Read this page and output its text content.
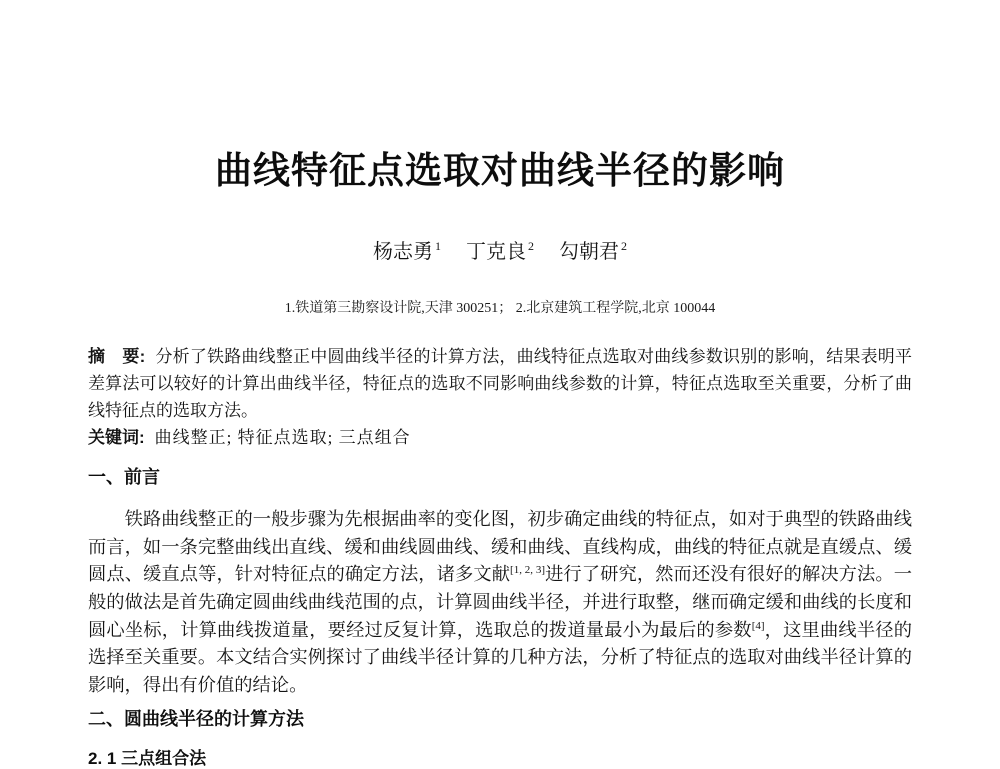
曲线特征点选取对曲线半径的影响
杨志勇 $^1$ 丁克良 $^2$ 勾朝君 $^2$
1.铁道第三勘察设计院,天津 300251； 2.北京建筑工程学院,北京 100044

摘　要: 分析了铁路曲线整正中圆曲线半径的计算方法，曲线特征点选取对曲线参数识别的影响，结果表明平差算法可以较好的计算出曲线半径，特征点的选取不同影响曲线参数的计算，特征点选取至关重要，分析了曲线特征点的选取方法。

关键词: 曲线整正; 特征点选取; 三点组合

一、前言

铁路曲线整正的一般步骤为先根据曲率的变化图，初步确定曲线的特征点，如对于典型的铁路曲线而言，如一条完整曲线出直线、缓和曲线圆曲线、缓和曲线、直线构成，曲线的特征点就是直缓点、缓圆点、缓直点等，针对特征点的确定方法，诸多文献[1, 2, 3]进行了研究，然而还没有很好的解决方法。一般的做法是首先确定圆曲线曲线范围的点，计算圆曲线半径，并进行取整，继而确定缓和曲线的长度和圆心坐标，计算曲线拨道量，要经过反复计算，选取总的拨道量最小为最后的参数[4]，这里曲线半径的选择至关重要。本文结合实例探讨了曲线半径计算的几种方法，分析了特征点的选取对曲线半径计算的影响，得出有价值的结论。

二、圆曲线半径的计算方法
2. 1 三点组合法
